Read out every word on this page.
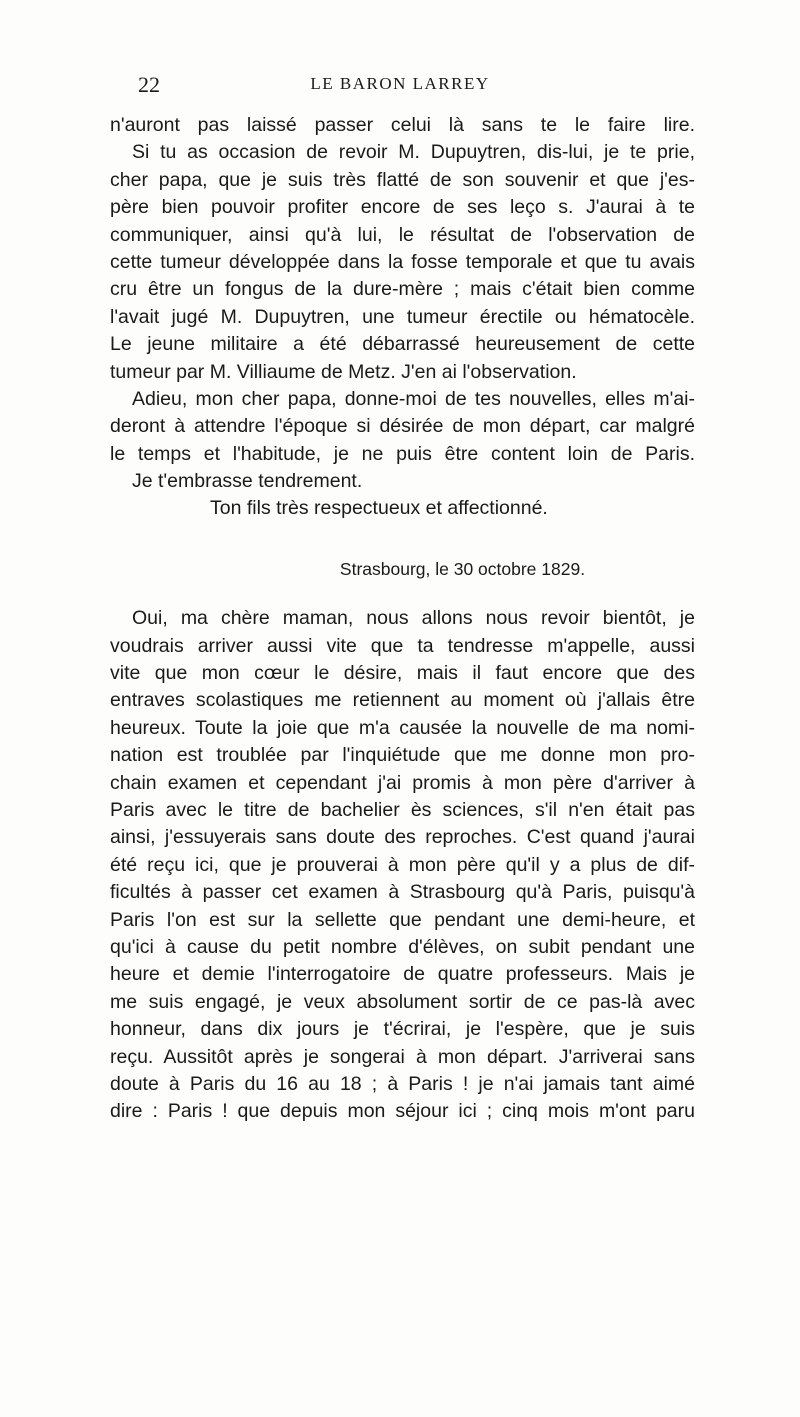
22	LE BARON LARREY
n'auront pas laissé passer celui là sans te le faire lire.
Si tu as occasion de revoir M. Dupuytren, dis-lui, je te prie,
cher papa, que je suis très flatté de son souvenir et que j'es-
père bien pouvoir profiter encore de ses leço s. J'aurai à te
communiquer, ainsi qu'à lui, le résultat de l'observation de
cette tumeur développée dans la fosse temporale et que tu avais
cru être un fongus de la dure-mère ; mais c'était bien comme
l'avait jugé M. Dupuytren, une tumeur érectile ou hématocèle.
Le jeune militaire a été débarrassé heureusement de cette
tumeur par M. Villiaume de Metz. J'en ai l'observation.
Adieu, mon cher papa, donne-moi de tes nouvelles, elles m'ai-
deront à attendre l'époque si désirée de mon départ, car malgré
le temps et l'habitude, je ne puis être content loin de Paris.
Je t'embrasse tendrement.
Ton fils très respectueux et affectionné.
Strasbourg, le 30 octobre 1829.
Oui, ma chère maman, nous allons nous revoir bientôt, je
voudrais arriver aussi vite que ta tendresse m'appelle, aussi
vite que mon cœur le désire, mais il faut encore que des
entraves scolastiques me retiennent au moment où j'allais être
heureux. Toute la joie que m'a causée la nouvelle de ma nomi-
nation est troublée par l'inquiétude que me donne mon pro-
chain examen et cependant j'ai promis à mon père d'arriver à
Paris avec le titre de bachelier ès sciences, s'il n'en était pas
ainsi, j'essuyerais sans doute des reproches. C'est quand j'aurai
été reçu ici, que je prouverai à mon père qu'il y a plus de dif-
ficultés à passer cet examen à Strasbourg qu'à Paris, puisqu'à
Paris l'on est sur la sellette que pendant une demi-heure, et
qu'ici à cause du petit nombre d'élèves, on subit pendant une
heure et demie l'interrogatoire de quatre professeurs. Mais je
me suis engagé, je veux absolument sortir de ce pas-là avec
honneur, dans dix jours je t'écrirai, je l'espère, que je suis
reçu. Aussitôt après je songerai à mon départ. J'arriverai sans
doute à Paris du 16 au 18 ; à Paris ! je n'ai jamais tant aimé
dire : Paris ! que depuis mon séjour ici ; cinq mois m'ont paru
